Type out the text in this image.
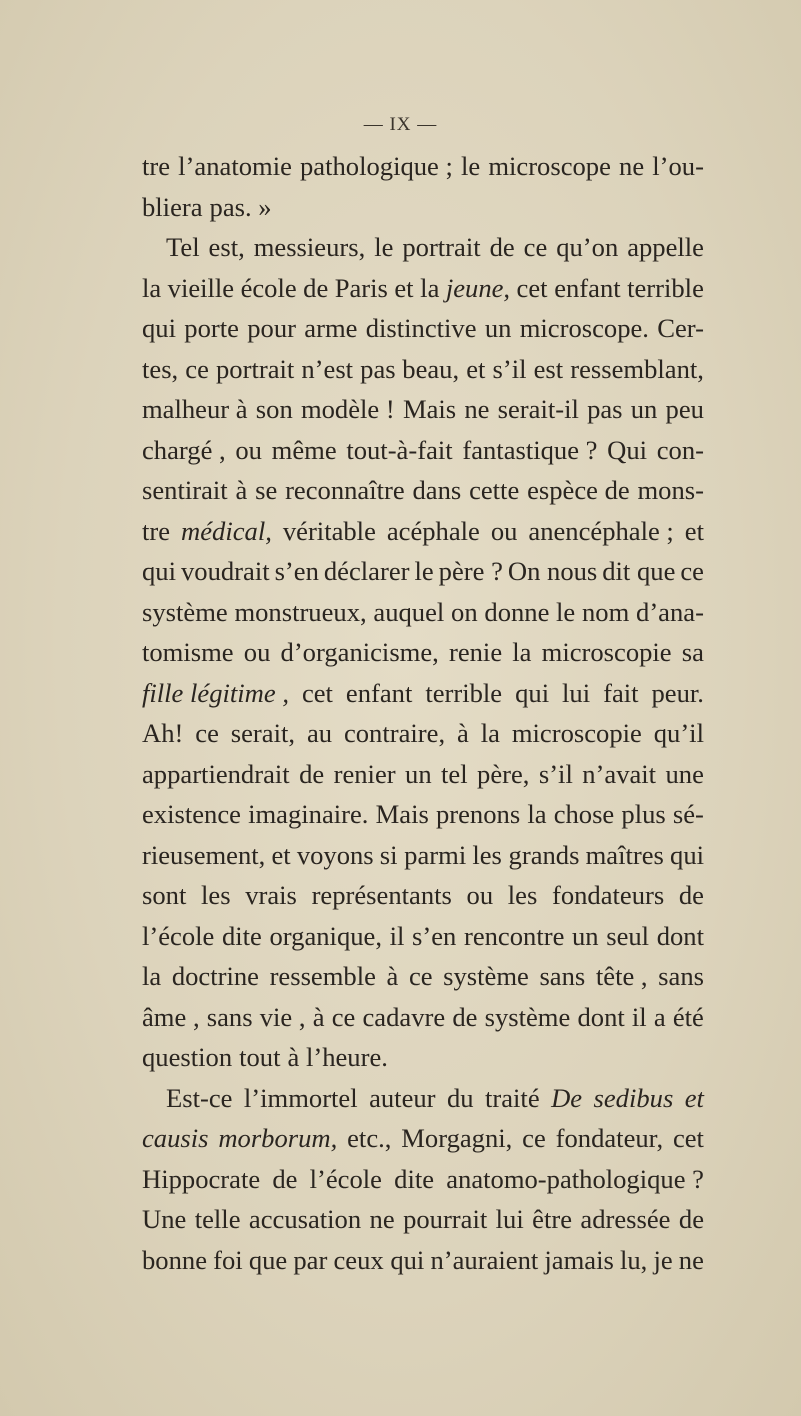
— IX —
tre l’anatomie pathologique ; le microscope ne l’ou-
bliera pas. »
Tel est, messieurs, le portrait de ce qu’on appelle
la vieille école de Paris et la jeune, cet enfant terrible
qui porte pour arme distinctive un microscope. Cer-
tes, ce portrait n’est pas beau, et s’il est ressemblant,
malheur à son modèle ! Mais ne serait-il pas un peu
chargé , ou même tout-à-fait fantastique ? Qui con-
sentirait à se reconnaître dans cette espèce de mons-
tre médical, véritable acéphale ou anencéphale ; et
qui voudrait s’en déclarer le père ? On nous dit que ce
système monstrueux, auquel on donne le nom d’ana-
tomisme ou d’organicisme, renie la microscopie sa
fille légitime , cet enfant terrible qui lui fait peur.
Ah! ce serait, au contraire, à la microscopie qu’il
appartiendrait de renier un tel père, s’il n’avait une
existence imaginaire. Mais prenons la chose plus sé-
rieusement, et voyons si parmi les grands maîtres qui
sont les vrais représentants ou les fondateurs de
l’école dite organique, il s’en rencontre un seul dont
la doctrine ressemble à ce système sans tête , sans
âme , sans vie , à ce cadavre de système dont il a été
question tout à l’heure.
Est-ce l’immortel auteur du traité De sedibus et
causis morborum, etc., Morgagni, ce fondateur, cet
Hippocrate de l’école dite anatomo-pathologique ?
Une telle accusation ne pourrait lui être adressée de
bonne foi que par ceux qui n’auraient jamais lu, je ne
